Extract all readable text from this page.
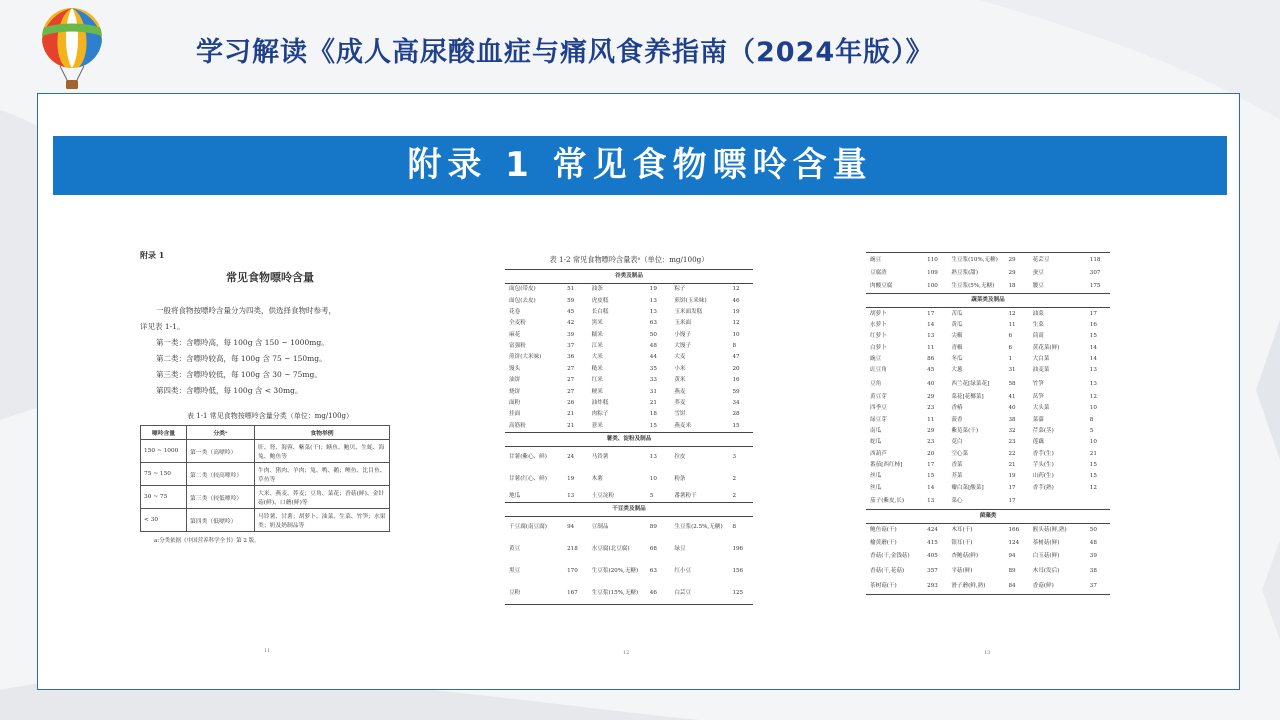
学习解读《成人高尿酸血症与痛风食养指南（2024年版）》
附录 1 常见食物嘌呤含量
附录 1
常见食物嘌呤含量
一般将食物按嘌呤含量分为四类，供选择食物时参考，
详见表 1-1。
第一类：含嘌呤高，每 100g 含 150 ~ 1000mg。
第二类：含嘌呤较高，每 100g 含 75 ~ 150mg。
第三类：含嘌呤较低，每 100g 含 30 ~ 75mg。
第四类：含嘌呤低，每 100g 含 < 30mg。
表 1-1 常见食物按嘌呤含量分类（单位：mg/100g）
嘌呤含量	分类ᵃ	食物举例
150 ~ 1000	第一类（高嘌呤）	肝、肾、海蓉、紫菜(干)；鳝鱼、鲍贝、生蚝、海兔、鲍鱼等
75 ~ 150	第二类（较高嘌呤）	牛肉、猪肉、羊肉；兔、鸭、鹅；鲤鱼、比目鱼、草鱼等
30 ~ 75	第三类（较低嘌呤）	大米、燕麦、荞麦；豆角、菜花；香菇(鲜)、金针菇(鲜)、口蘑(鲜)等
< 30	第四类（低嘌呤）	马铃薯、甘薯；胡萝卜、油菜、生菜、竹笋；水果类；奶及奶制品等
a:分类依据《中国营养科学全书》第 2 版。
11
表 1-2 常见食物嘌呤含量表ᵃ（单位：mg/100g）
谷类及制品					
面包(带皮)	51	油条	19	粽子	12
面包(去皮)	59	虎皮糕	13	煎饼(玉米味)	46
花卷	45	长白糕	13	玉米面发糕	19
全麦粉	42	黑米	63	玉米面	12
麻花	39	糯米	50	小馒子	10
富强粉	37	江米	48	大馒子	8
煎饼(大米味)	36	大米	44	大麦	47
馒头	27	糙米	35	小米	20
油饼	27	红米	33	黄米	16
烧饼	27	粳米	31	燕麦	59
面粉	26	油炸糕	21	荞麦	34
挂面	21	肉粽子	18	雪饼	28
高筋粉	21	薏米	15	燕麦米	15
薯类、淀粉及制品					
甘薯(紫心、鲜)	24	马铃薯	13	拉皮	3
甘薯(红心、鲜)	19	木薯	10	粉条	2
地瓜	13	土豆淀粉	5	番薯粉干	2
干豆类及制品					
千豆腐(南豆腐)	94	豆制品	89	生豆浆(2.5%,无糖)	8
黄豆	218	水豆腐(北豆腐)	68	绿豆	196
黑豆	170	生豆浆(20%,无糖)	63	红小豆	156
豆粉	167	生豆浆(15%,无糖)	46	白芸豆	125
12
豌豆	110	生豆浆(10%,无糖)	29	花芸豆	118
豆腐渣	109	熟豆浆(甜)	29	蚕豆	307
肉酸豆腐	100	生豆浆(5%,无糖)	18	腰豆	175
蔬菜类及制品					
胡萝卜	17	苦瓜	12	油菜	17
水萝卜	14	黄瓜	11	生菜	16
红萝卜	13	尖椒	6	茼蒿	15
白萝卜	11	青椒	6	黄花菜(鲜)	14
豌豆	86	冬瓜	1	大白菜	14
豇豆角	45	大葱	31	油麦菜	13
豆角	40	西兰花[绿菜花]	58	竹笋	13
黄豆芽	29	菜花[花椰菜]	41	莴笋	12
四季豆	23	香椿	40	大头菜	10
绿豆芽	11	菠香	38	菜薹	8
南瓜	29	紫苋菜(干)	32	芹菜(茎)	5
蛇瓜	23	苋白	23	莲藕	10
西葫芦	20	空心菜	22	香芋(生)	21
番茄[西红柿]	17	香菜	21	芋头(生)	15
丝瓜	15	芥菜	19	山药(生)	15
丝瓜	14	瓣白菜[酸菜]	17	香芋(熟)	12
茄子(紫皮,长)	13	菜心	17		
菌藻类					
鲍鱼菇(干)	424	木耳(干)	166	猴头菇(鲜,熟)	50
榆黄蘑(干)	415	银耳(干)	124	茶树菇(鲜)	48
香菇(干,金钱菇)	405	杏鲍菇(鲜)	94	白玉菇(鲜)	39
香菇(干,花菇)	357	平菇(鲜)	89	木耳(发后)	38
茶树菇(干)	293	滑子蘑(鲜,熟)	84	香菇(鲜)	37
13
